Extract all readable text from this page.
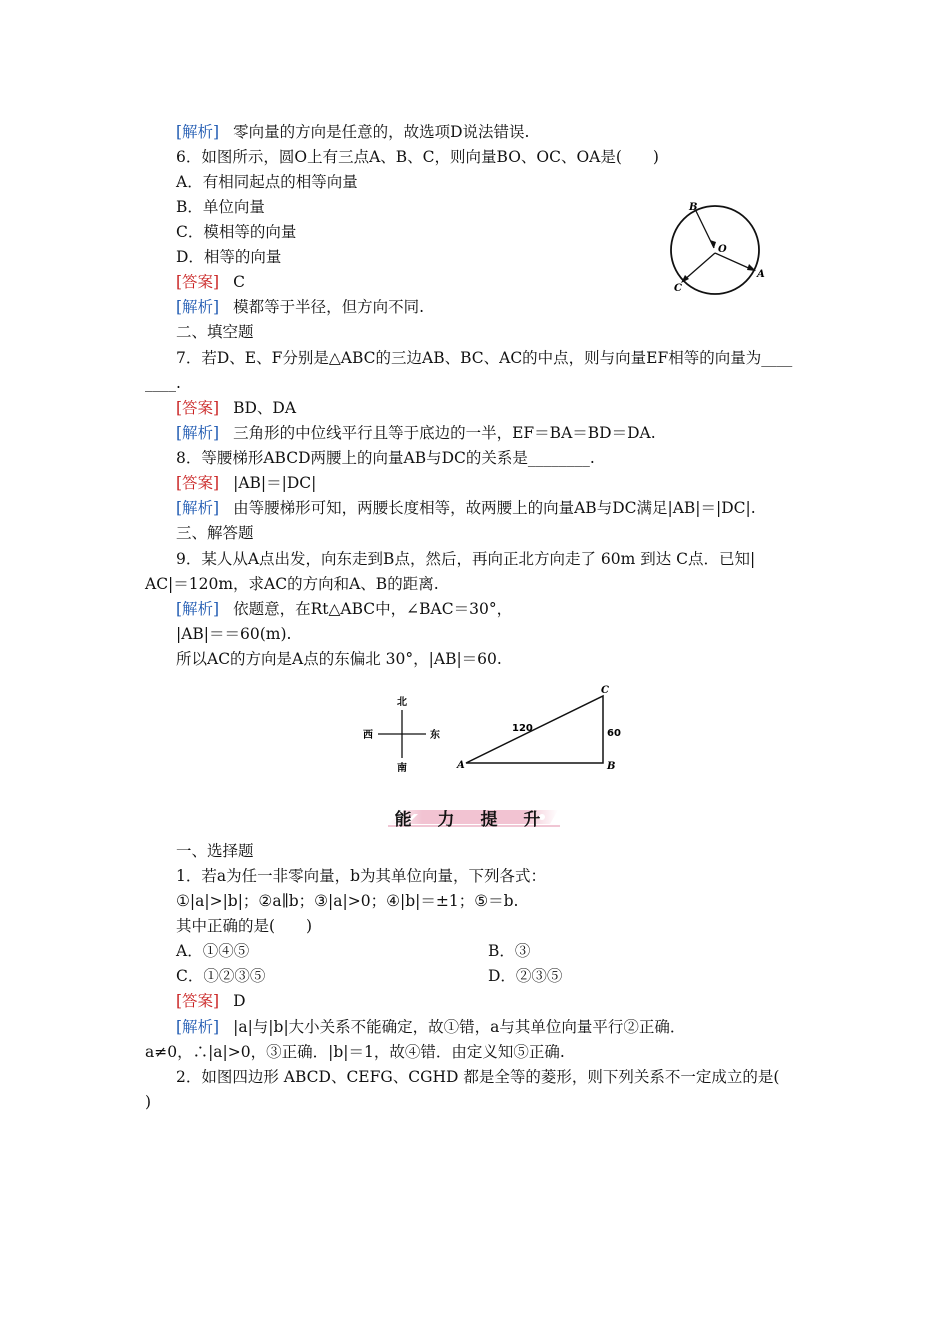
[解析] 零向量的方向是任意的，故选项D说法错误.
6．如图所示，圆O上有三点A、B、C，则向量BO、OC、OA是(　　)
A．有相同起点的相等向量
B．单位向量
C．模相等的向量
D．相等的向量
[答案] C
[解析] 模都等于半径，但方向不同.
二、填空题
7．若D、E、F分别是△ABC的三边AB、BC、AC的中点，则与向量EF相等的向量为____
____.
[答案] BD、DA
[解析] 三角形的中位线平行且等于底边的一半，EF＝BA＝BD＝DA.
8．等腰梯形ABCD两腰上的向量AB与DC的关系是________.
[答案] |AB|＝|DC|
[解析] 由等腰梯形可知，两腰长度相等，故两腰上的向量AB与DC满足|AB|＝|DC|.
三、解答题
9．某人从A点出发，向东走到B点，然后，再向正北方向走了 60m 到达 C点．已知|
AC|＝120m，求AC的方向和A、B的距离.
[解析] 依题意，在Rt△ABC中，∠BAC＝30°，
|AB|＝＝60(m).
所以AC的方向是A点的东偏北 30°，|AB|＝60.
B
O
A
C
北
南
西	东
A	B
C
120	60
能 力 提 升
一、选择题
1．若a为任一非零向量，b为其单位向量，下列各式：
①|a|>|b|；②a∥b；③|a|>0；④|b|＝±1；⑤＝b.
其中正确的是(　　)
A．①④⑤	B．③
C．①②③⑤	D．②③⑤
[答案] D
[解析] |a|与|b|大小关系不能确定，故①错，a与其单位向量平行②正确．
a≠0，∴|a|>0，③正确．|b|＝1，故④错．由定义知⑤正确.
2．如图四边形 ABCD、CEFG、CGHD 都是全等的菱形，则下列关系不一定成立的是(
)
